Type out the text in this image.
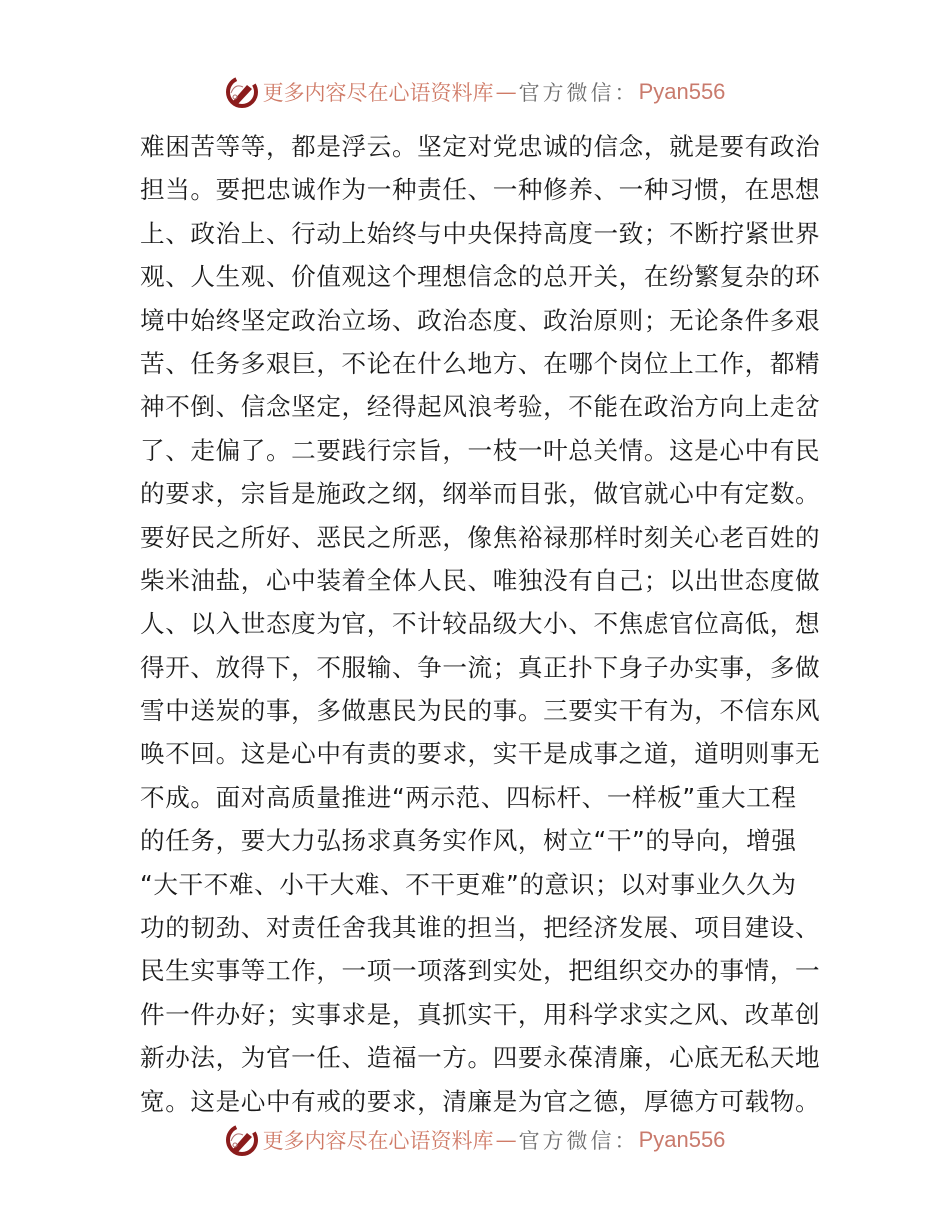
更多内容尽在心语资料库 — 官方微信： Pyan556
难困苦等等，都是浮云。坚定对党忠诚的信念，就是要有政治
担当。要把忠诚作为一种责任、一种修养、一种习惯，在思想
上、政治上、行动上始终与中央保持高度一致；不断拧紧世界
观、人生观、价值观这个理想信念的总开关，在纷繁复杂的环
境中始终坚定政治立场、政治态度、政治原则；无论条件多艰
苦、任务多艰巨，不论在什么地方、在哪个岗位上工作，都精
神不倒、信念坚定，经得起风浪考验，不能在政治方向上走岔
了、走偏了。二要践行宗旨，一枝一叶总关情。这是心中有民
的要求，宗旨是施政之纲，纲举而目张，做官就心中有定数。
要好民之所好、恶民之所恶，像焦裕禄那样时刻关心老百姓的
柴米油盐，心中装着全体人民、唯独没有自己；以出世态度做
人、以入世态度为官，不计较品级大小、不焦虑官位高低，想
得开、放得下，不服输、争一流；真正扑下身子办实事，多做
雪中送炭的事，多做惠民为民的事。三要实干有为，不信东风
唤不回。这是心中有责的要求，实干是成事之道，道明则事无
不成。面对高质量推进“两示范、四标杆、一样板”重大工程
的任务，要大力弘扬求真务实作风，树立“干”的导向，增强
“大干不难、小干大难、不干更难”的意识；以对事业久久为
功的韧劲、对责任舍我其谁的担当，把经济发展、项目建设、
民生实事等工作，一项一项落到实处，把组织交办的事情，一
件一件办好；实事求是，真抓实干，用科学求实之风、改革创
新办法，为官一任、造福一方。四要永葆清廉，心底无私天地
宽。这是心中有戒的要求，清廉是为官之德，厚德方可载物。
更多内容尽在心语资料库 — 官方微信： Pyan556
